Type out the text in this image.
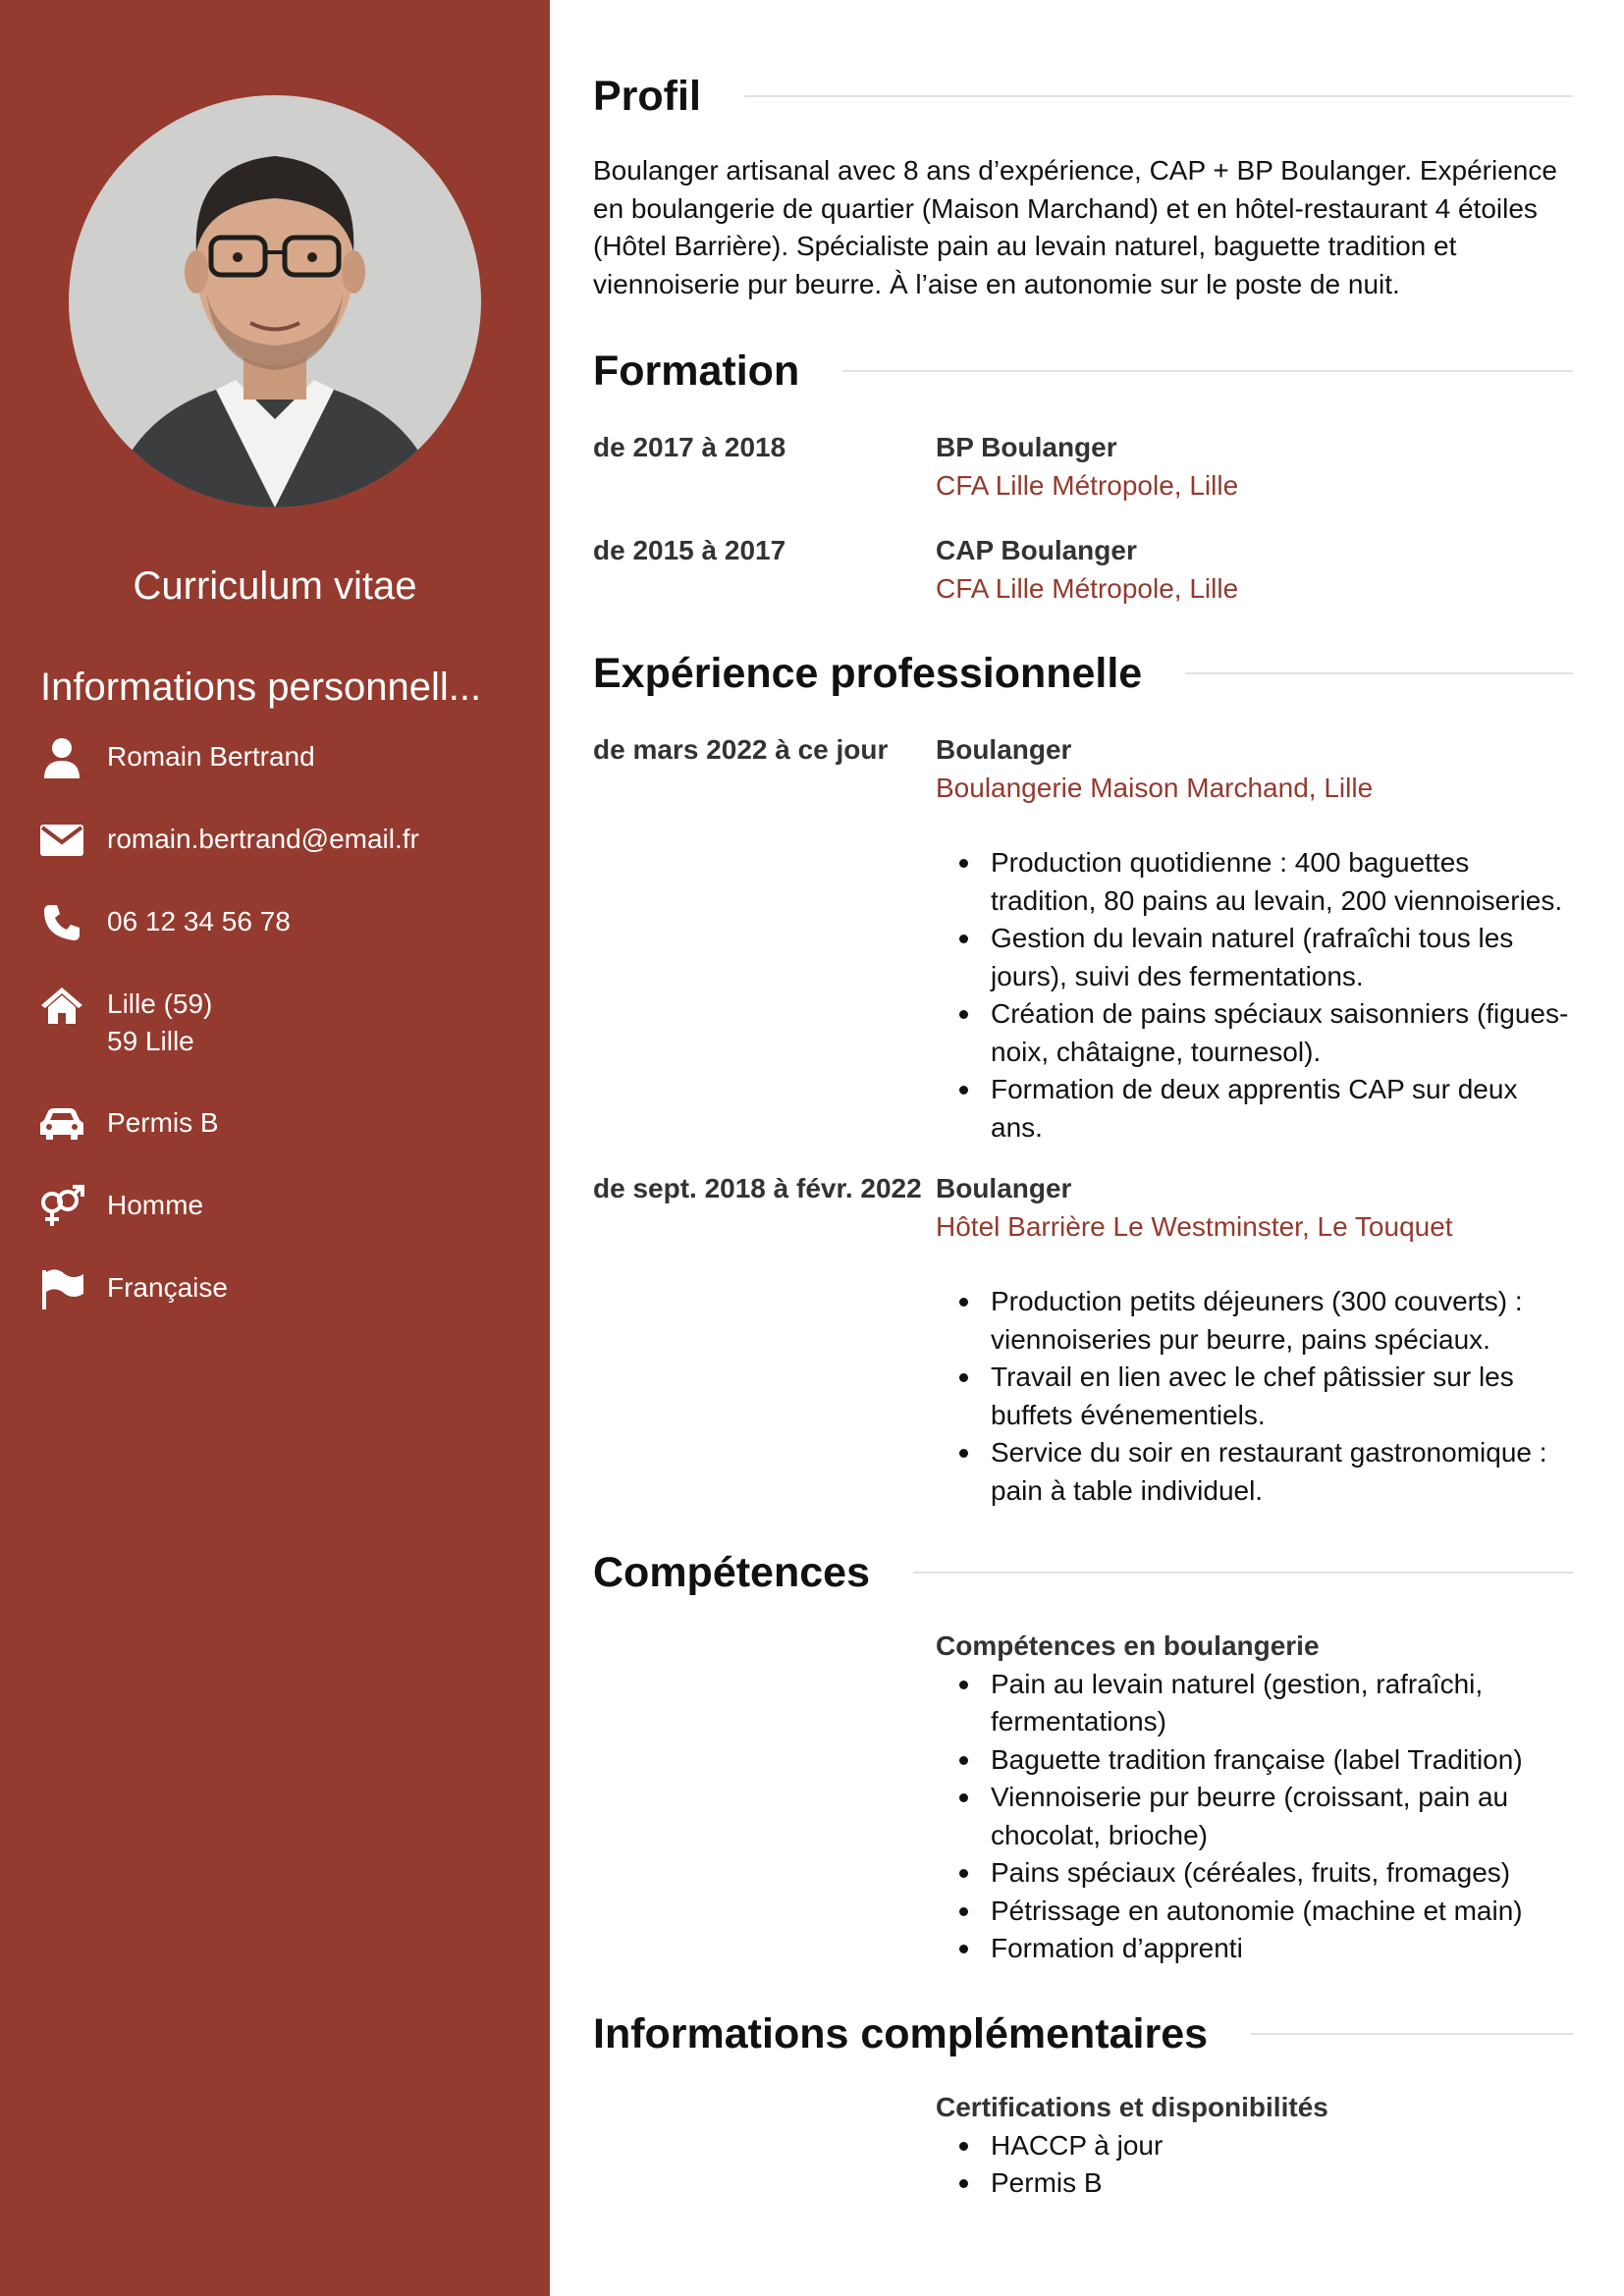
Curriculum vitae
Informations personnell...
Romain Bertrand
romain.bertrand@email.fr
06 12 34 56 78
Lille (59)
59 Lille
Permis B
Homme
Française
Profil
Boulanger artisanal avec 8 ans d’expérience, CAP + BP Boulanger. Expérience en boulangerie de quartier (Maison Marchand) et en hôtel-restaurant 4 étoiles (Hôtel Barrière). Spécialiste pain au levain naturel, baguette tradition et viennoiserie pur beurre. À l’aise en autonomie sur le poste de nuit.
Formation
de 2017 à 2018	BP Boulanger
CFA Lille Métropole, Lille
de 2015 à 2017	CAP Boulanger
CFA Lille Métropole, Lille
Expérience professionnelle
de mars 2022 à ce jour	Boulanger
Boulangerie Maison Marchand, Lille
Production quotidienne : 400 baguettes tradition, 80 pains au levain, 200 viennoiseries.
Gestion du levain naturel (rafraîchi tous les jours), suivi des fermentations.
Création de pains spéciaux saisonniers (figues-noix, châtaigne, tournesol).
Formation de deux apprentis CAP sur deux ans.
de sept. 2018 à févr. 2022 Boulanger
Hôtel Barrière Le Westminster, Le Touquet
Production petits déjeuners (300 couverts) : viennoiseries pur beurre, pains spéciaux.
Travail en lien avec le chef pâtissier sur les buffets événementiels.
Service du soir en restaurant gastronomique : pain à table individuel.
Compétences
Compétences en boulangerie
Pain au levain naturel (gestion, rafraîchi, fermentations)
Baguette tradition française (label Tradition)
Viennoiserie pur beurre (croissant, pain au chocolat, brioche)
Pains spéciaux (céréales, fruits, fromages)
Pétrissage en autonomie (machine et main)
Formation d’apprenti
Informations complémentaires
Certifications et disponibilités
HACCP à jour
Permis B
